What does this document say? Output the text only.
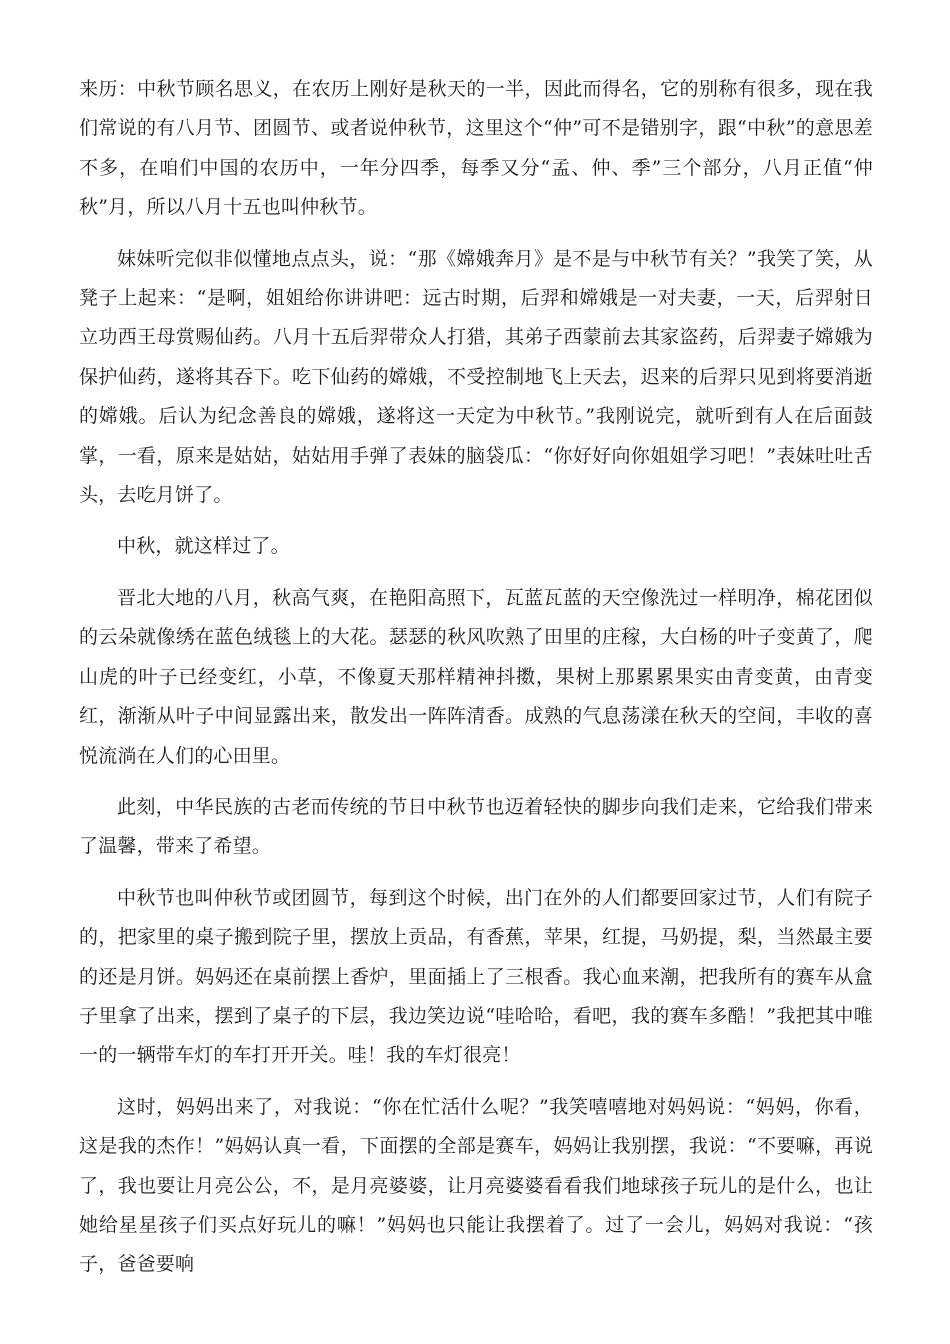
来历：中秋节顾名思义，在农历上刚好是秋天的一半，因此而得名，它的别称有很多，现在我们常说的有八月节、团圆节、或者说仲秋节，这里这个“仲”可不是错别字，跟“中秋”的意思差不多，在咱们中国的农历中，一年分四季，每季又分“孟、仲、季”三个部分，八月正值“仲秋”月，所以八月十五也叫仲秋节。

妹妹听完似非似懂地点点头，说：“那《嫦娥奔月》是不是与中秋节有关？”我笑了笑，从凳子上起来：“是啊，姐姐给你讲讲吧：远古时期，后羿和嫦娥是一对夫妻，一天，后羿射日立功西王母赏赐仙药。八月十五后羿带众人打猎，其弟子西蒙前去其家盗药，后羿妻子嫦娥为保护仙药，遂将其吞下。吃下仙药的嫦娥，不受控制地飞上天去，迟来的后羿只见到将要消逝的嫦娥。后认为纪念善良的嫦娥，遂将这一天定为中秋节。”我刚说完，就听到有人在后面鼓掌，一看，原来是姑姑，姑姑用手弹了表妹的脑袋瓜：“你好好向你姐姐学习吧！”表妹吐吐舌头，去吃月饼了。

中秋，就这样过了。

晋北大地的八月，秋高气爽，在艳阳高照下，瓦蓝瓦蓝的天空像洗过一样明净，棉花团似的云朵就像绣在蓝色绒毯上的大花。瑟瑟的秋风吹熟了田里的庄稼，大白杨的叶子变黄了，爬山虎的叶子已经变红，小草，不像夏天那样精神抖擞，果树上那累累果实由青变黄，由青变红，渐渐从叶子中间显露出来，散发出一阵阵清香。成熟的气息荡漾在秋天的空间，丰收的喜悦流淌在人们的心田里。

此刻，中华民族的古老而传统的节日中秋节也迈着轻快的脚步向我们走来，它给我们带来了温馨，带来了希望。

中秋节也叫仲秋节或团圆节，每到这个时候，出门在外的人们都要回家过节，人们有院子的，把家里的桌子搬到院子里，摆放上贡品，有香蕉，苹果，红提，马奶提，梨，当然最主要的还是月饼。妈妈还在桌前摆上香炉，里面插上了三根香。我心血来潮，把我所有的赛车从盒子里拿了出来，摆到了桌子的下层，我边笑边说“哇哈哈，看吧，我的赛车多酷！”我把其中唯一的一辆带车灯的车打开开关。哇！我的车灯很亮！

这时，妈妈出来了，对我说：“你在忙活什么呢？”我笑嘻嘻地对妈妈说：“妈妈，你看，这是我的杰作！”妈妈认真一看，下面摆的全部是赛车，妈妈让我别摆，我说：“不要嘛，再说了，我也要让月亮公公，不，是月亮婆婆，让月亮婆婆看看我们地球孩子玩儿的是什么，也让她给星星孩子们买点好玩儿的嘛！”妈妈也只能让我摆着了。过了一会儿，妈妈对我说：“孩子，爸爸要响
